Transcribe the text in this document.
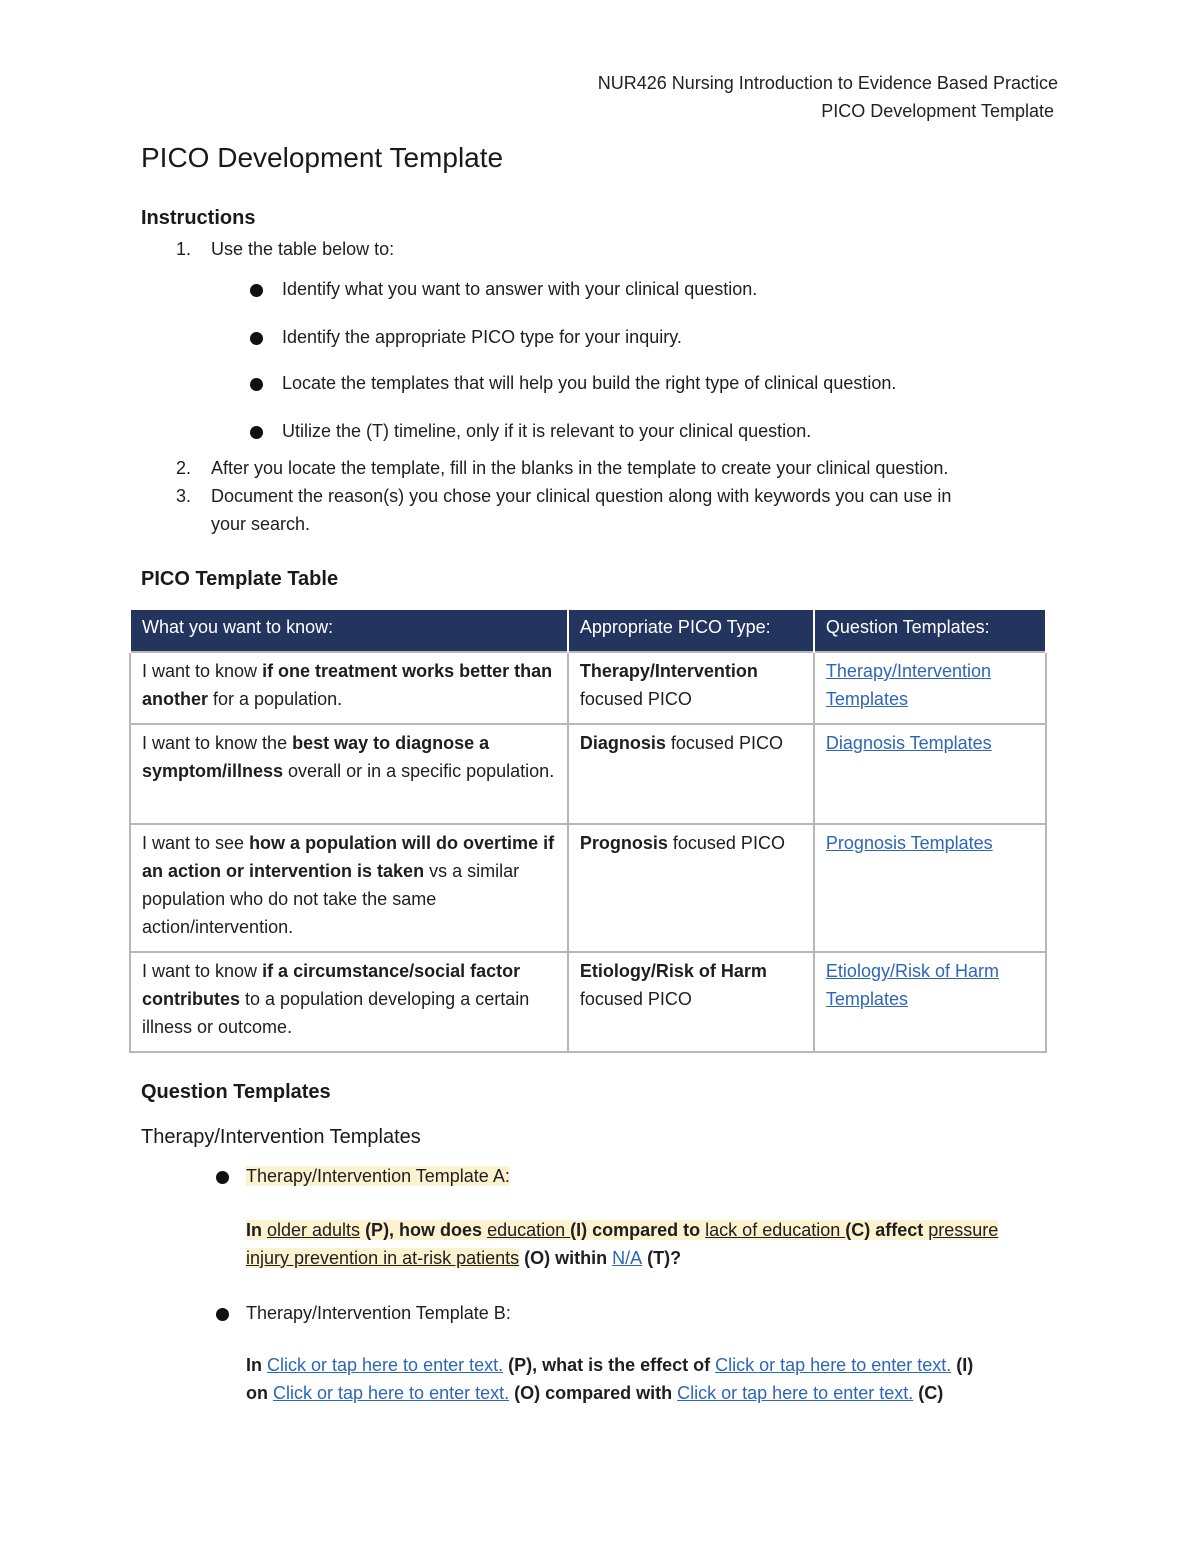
NUR426 Nursing Introduction to Evidence Based Practice
PICO Development Template
PICO Development Template
Instructions
1. Use the table below to:
Identify what you want to answer with your clinical question.
Identify the appropriate PICO type for your inquiry.
Locate the templates that will help you build the right type of clinical question.
Utilize the (T) timeline, only if it is relevant to your clinical question.
2. After you locate the template, fill in the blanks in the template to create your clinical question.
3. Document the reason(s) you chose your clinical question along with keywords you can use in
your search.
PICO Template Table
What you want to know:	Appropriate PICO Type:	Question Templates:
I want to know if one treatment works better than another for a population.	Therapy/Intervention focused PICO	Therapy/Intervention Templates
I want to know the best way to diagnose a symptom/illness overall or in a specific population.	Diagnosis focused PICO	Diagnosis Templates
I want to see how a population will do overtime if an action or intervention is taken vs a similar population who do not take the same action/intervention.	Prognosis focused PICO	Prognosis Templates
I want to know if a circumstance/social factor contributes to a population developing a certain illness or outcome.	Etiology/Risk of Harm focused PICO	Etiology/Risk of Harm Templates
Question Templates
Therapy/Intervention Templates
Therapy/Intervention Template A:
In older adults (P), how does education (I) compared to lack of education (C) affect pressure
injury prevention in at-risk patients (O) within N/A (T)?
Therapy/Intervention Template B:
In Click or tap here to enter text. (P), what is the effect of Click or tap here to enter text. (I)
on Click or tap here to enter text. (O) compared with Click or tap here to enter text. (C)
